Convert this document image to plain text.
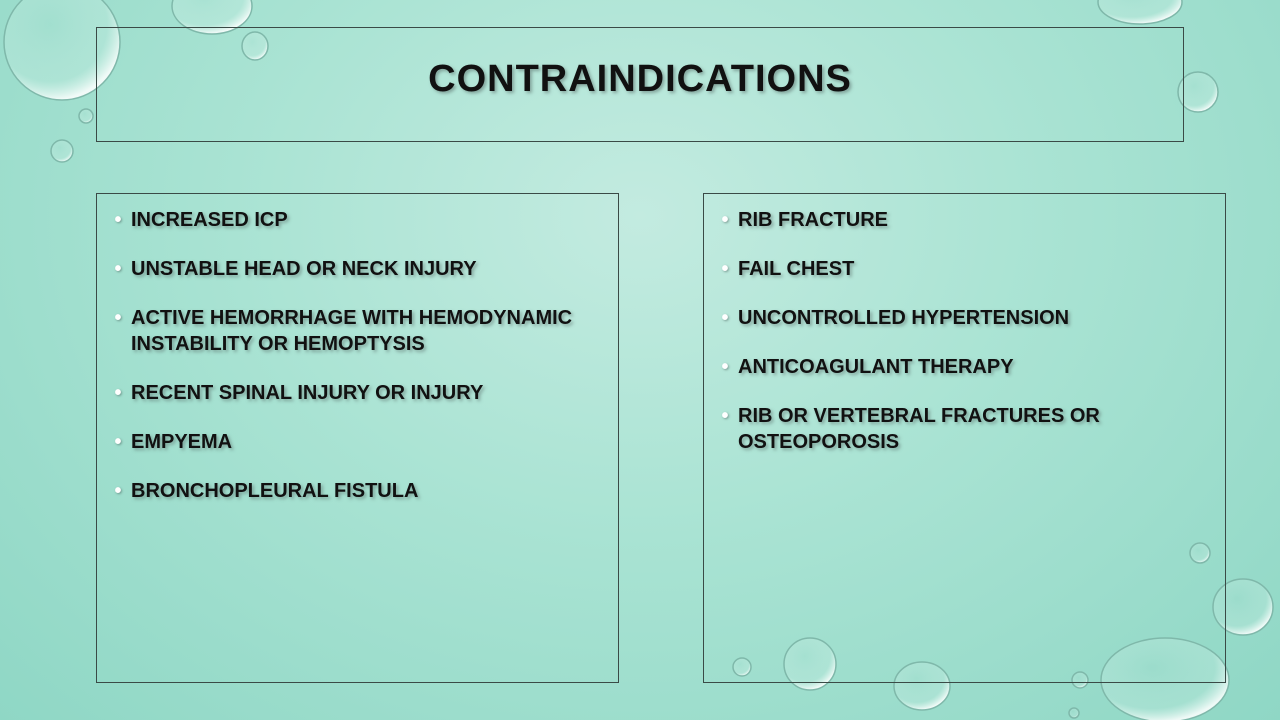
CONTRAINDICATIONS
• INCREASED ICP
• UNSTABLE HEAD OR NECK INJURY
• ACTIVE HEMORRHAGE WITH HEMODYNAMIC INSTABILITY OR HEMOPTYSIS
• RECENT SPINAL INJURY OR INJURY
• EMPYEMA
• BRONCHOPLEURAL FISTULA
• RIB FRACTURE
• FAIL CHEST
• UNCONTROLLED HYPERTENSION
• ANTICOAGULANT THERAPY
• RIB OR VERTEBRAL FRACTURES OR OSTEOPOROSIS
